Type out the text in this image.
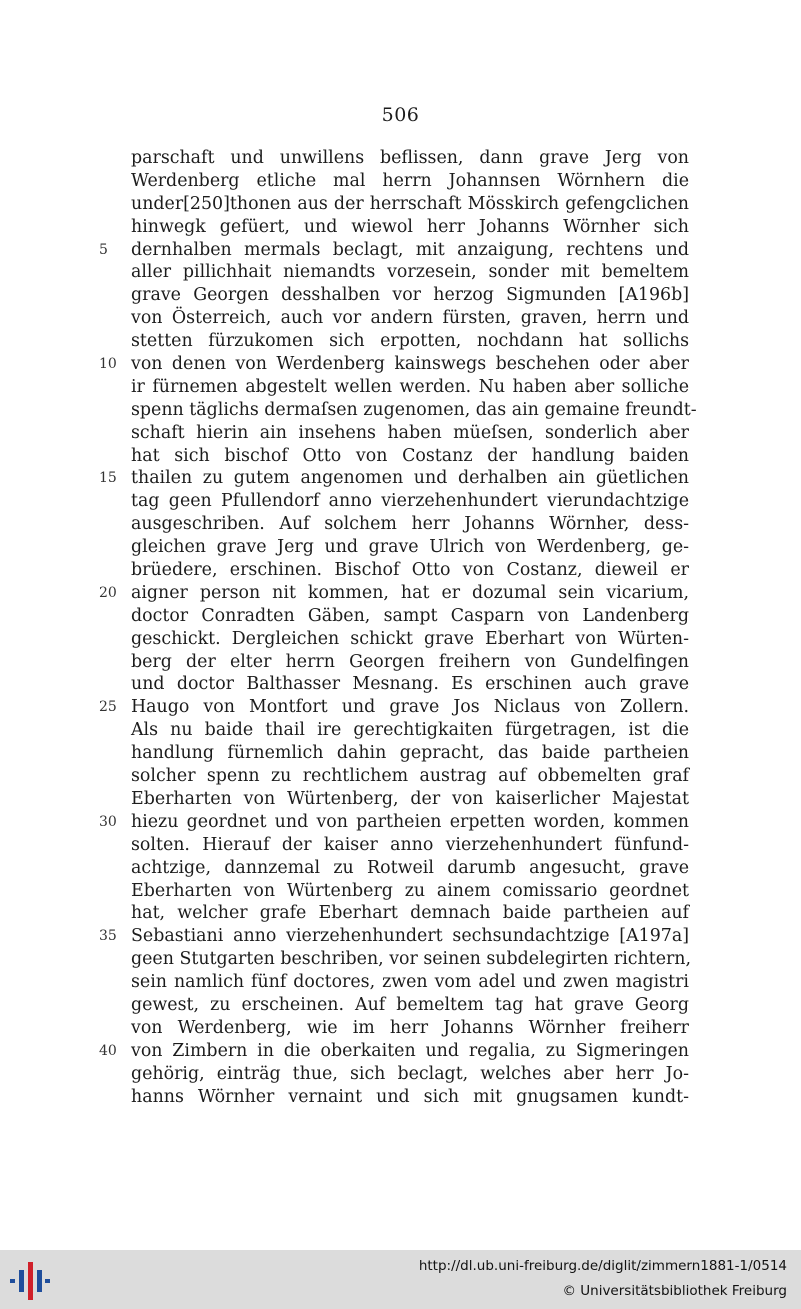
506
parschaft und unwillens beflissen, dann grave Jerg von
Werdenberg etliche mal herrn Johannsen Wörnhern die
under[250]thonen aus der herrschaft Mösskirch gefengclichen
hinwegk gefüert, und wiewol herr Johanns Wörnher sich
5	dernhalben mermals beclagt, mit anzaigung, rechtens und
aller pillichhait niemandts vorzesein, sonder mit bemeltem
grave Georgen desshalben vor herzog Sigmunden [A196b]
von Österreich, auch vor andern fürsten, graven, herrn und
stetten fürzukomen sich erpotten, nochdann hat sollichs
10 von denen von Werdenberg kainswegs beschehen oder aber
ir fürnemen abgestelt wellen werden. Nu haben aber solliche
spenn täglichs dermaſsen zugenomen, das ain gemaine freundt-
schaft hierin ain insehens haben müeſsen, sonderlich aber
hat sich bischof Otto von Costanz der handlung baiden
15 thailen zu gutem angenomen und derhalben ain güetlichen
tag geen Pfullendorf anno vierzehenhundert vierundachtzige
ausgeschriben. Auf solchem herr Johanns Wörnher, dess-
gleichen grave Jerg und grave Ulrich von Werdenberg, ge-
brüedere, erschinen. Bischof Otto von Costanz, dieweil er
20 aigner person nit kommen, hat er dozumal sein vicarium,
doctor Conradten Gäben, sampt Casparn von Landenberg
geschickt. Dergleichen schickt grave Eberhart von Würten-
berg der elter herrn Georgen freihern von Gundelfingen
und doctor Balthasser Mesnang. Es erschinen auch grave
25 Haugo von Montfort und grave Jos Niclaus von Zollern.
Als nu baide thail ire gerechtigkaiten fürgetragen, ist die
handlung fürnemlich dahin gepracht, das baide partheien
solcher spenn zu rechtlichem austrag auf obbemelten graf
Eberharten von Würtenberg, der von kaiserlicher Majestat
30 hiezu geordnet und von partheien erpetten worden, kommen
solten. Hierauf der kaiser anno vierzehenhundert fünfund-
achtzige, dannzemal zu Rotweil darumb angesucht, grave
Eberharten von Würtenberg zu ainem comissario geordnet
hat, welcher grafe Eberhart demnach baide partheien auf
35 Sebastiani anno vierzehenhundert sechsundachtzige [A197a]
geen Stutgarten beschriben, vor seinen subdelegirten richtern,
sein namlich fünf doctores, zwen vom adel und zwen magistri
gewest, zu erscheinen. Auf bemeltem tag hat grave Georg
von Werdenberg, wie im herr Johanns Wörnher freiherr
40 von Zimbern in die oberkaiten und regalia, zu Sigmeringen
gehörig, einträg thue, sich beclagt, welches aber herr Jo-
hanns Wörnher vernaint und sich mit gnugsamen kundt-
http://dl.ub.uni-freiburg.de/diglit/zimmern1881-1/0514
© Universitätsbibliothek Freiburg
